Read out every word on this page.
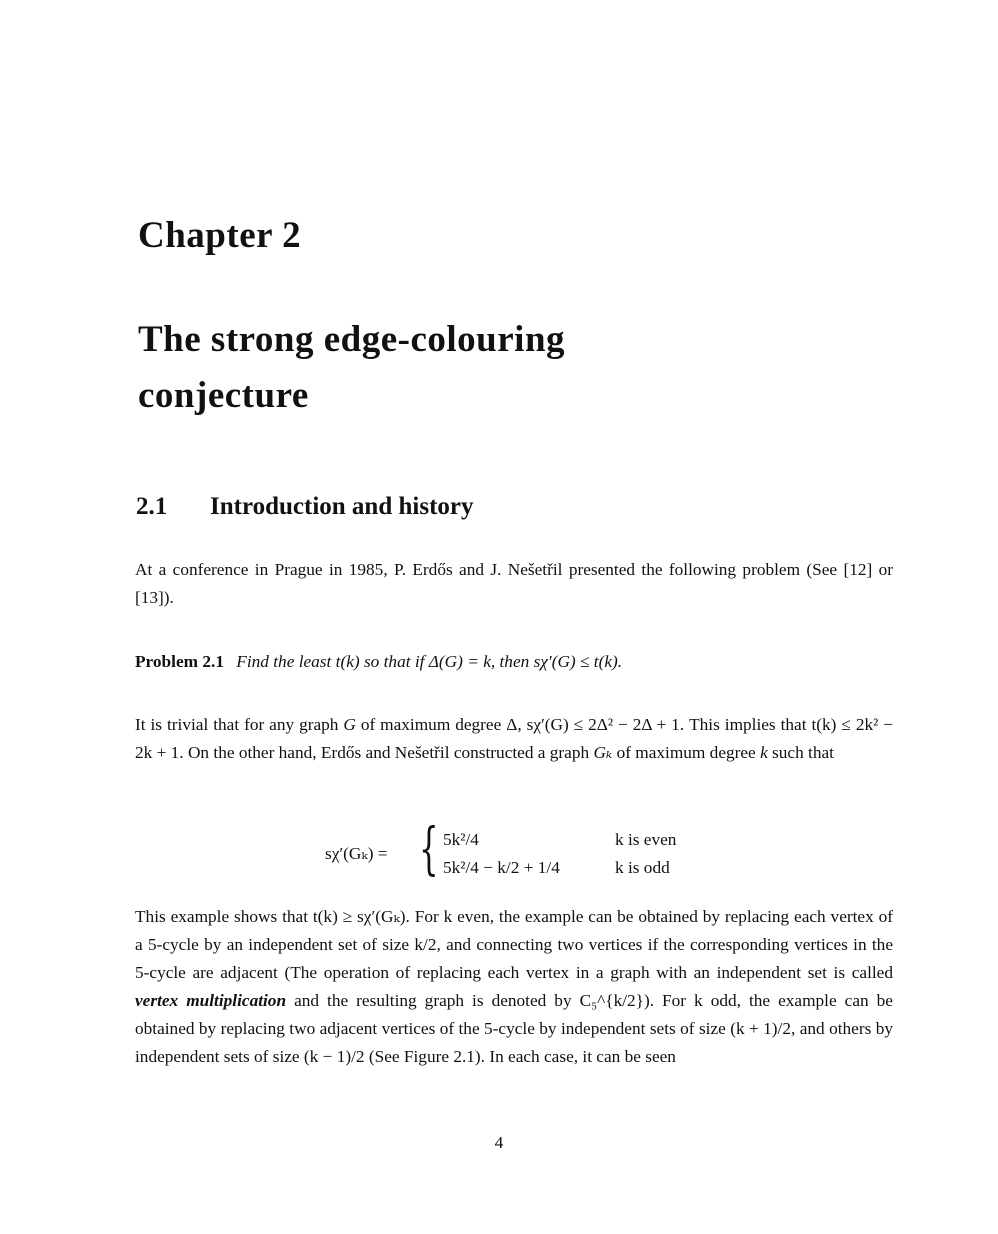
Chapter 2
The strong edge-colouring
conjecture
2.1 Introduction and history
At a conference in Prague in 1985, P. Erdős and J. Nešetřil presented the following problem (See [12] or [13]).
Problem 2.1 Find the least t(k) so that if Δ(G) = k, then sχ′(G) ≤ t(k).
It is trivial that for any graph G of maximum degree Δ, sχ′(G) ≤ 2Δ² − 2Δ + 1. This implies that t(k) ≤ 2k² − 2k + 1. On the other hand, Erdős and Nešetřil constructed a graph Gₖ of maximum degree k such that
sχ′(Gₖ) = { 5k²/4	k is even
5k²/4 − k/2 + 1/4	k is odd
This example shows that t(k) ≥ sχ′(Gₖ). For k even, the example can be obtained by replacing each vertex of a 5-cycle by an independent set of size k/2, and connecting two vertices if the corresponding vertices in the 5-cycle are adjacent (The operation of replacing each vertex in a graph with an independent set is called vertex multiplication and the resulting graph is denoted by C₅^{k/2}). For k odd, the example can be obtained by replacing two adjacent vertices of the 5-cycle by independent sets of size (k + 1)/2, and others by independent sets of size (k − 1)/2 (See Figure 2.1). In each case, it can be seen
4
